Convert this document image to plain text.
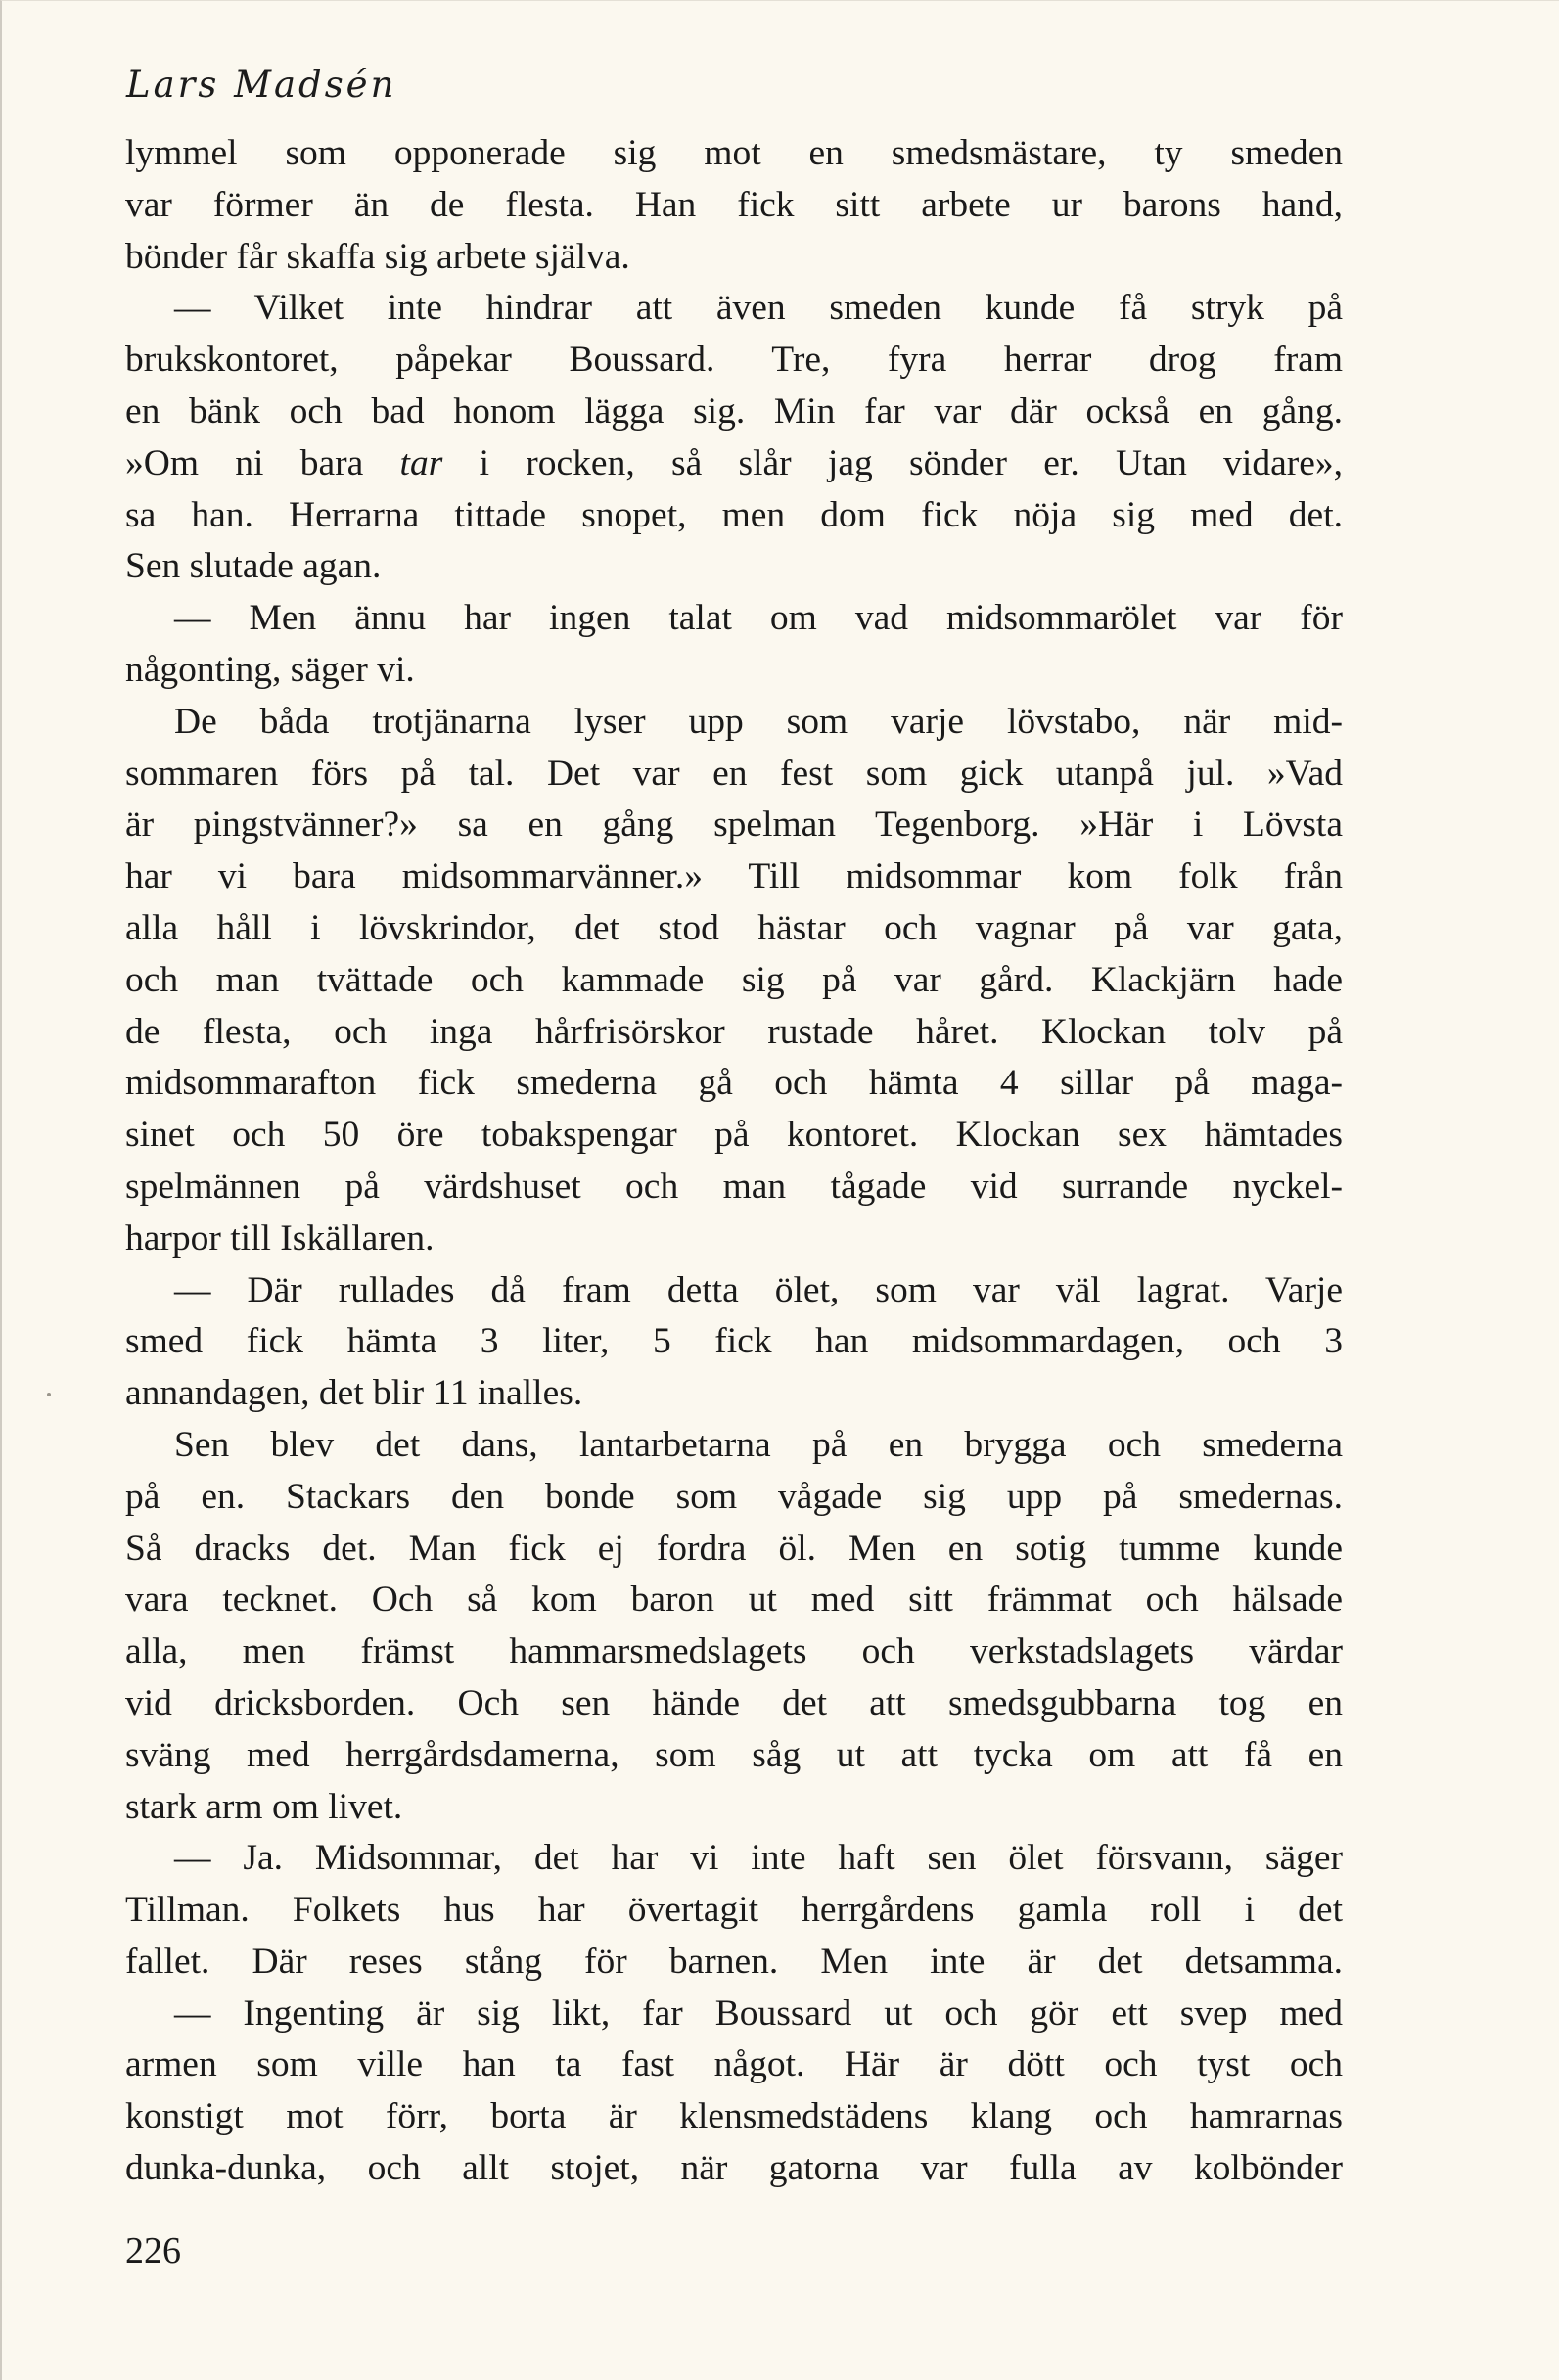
Lars Madsén
lymmel som opponerade sig mot en smedsmästare, ty smeden
var förmer än de flesta. Han fick sitt arbete ur barons hand,
bönder får skaffa sig arbete själva.
— Vilket inte hindrar att även smeden kunde få stryk på
brukskontoret, påpekar Boussard. Tre, fyra herrar drog fram
en bänk och bad honom lägga sig. Min far var där också en gång.
»Om ni bara tar i rocken, så slår jag sönder er. Utan vidare»,
sa han. Herrarna tittade snopet, men dom fick nöja sig med det.
Sen slutade agan.
— Men ännu har ingen talat om vad midsommarölet var för
någonting, säger vi.
De båda trotjänarna lyser upp som varje lövstabo, när mid-
sommaren förs på tal. Det var en fest som gick utanpå jul. »Vad
är pingstvänner?» sa en gång spelman Tegenborg. »Här i Lövsta
har vi bara midsommarvänner.» Till midsommar kom folk från
alla håll i lövskrindor, det stod hästar och vagnar på var gata,
och man tvättade och kammade sig på var gård. Klackjärn hade
de flesta, och inga hårfrisörskor rustade håret. Klockan tolv på
midsommarafton fick smederna gå och hämta 4 sillar på maga-
sinet och 50 öre tobakspengar på kontoret. Klockan sex hämtades
spelmännen på värdshuset och man tågade vid surrande nyckel-
harpor till Iskällaren.
— Där rullades då fram detta ölet, som var väl lagrat. Varje
smed fick hämta 3 liter, 5 fick han midsommardagen, och 3
annandagen, det blir 11 inalles.
Sen blev det dans, lantarbetarna på en brygga och smederna
på en. Stackars den bonde som vågade sig upp på smedernas.
Så dracks det. Man fick ej fordra öl. Men en sotig tumme kunde
vara tecknet. Och så kom baron ut med sitt främmat och hälsade
alla, men främst hammarsmedslagets och verkstadslagets värdar
vid dricksborden. Och sen hände det att smedsgubbarna tog en
sväng med herrgårdsdamerna, som såg ut att tycka om att få en
stark arm om livet.
— Ja. Midsommar, det har vi inte haft sen ölet försvann, säger
Tillman. Folkets hus har övertagit herrgårdens gamla roll i det
fallet. Där reses stång för barnen. Men inte är det detsamma.
— Ingenting är sig likt, far Boussard ut och gör ett svep med
armen som ville han ta fast något. Här är dött och tyst och
konstigt mot förr, borta är klensmedstädens klang och hamrarnas
dunka-dunka, och allt stojet, när gatorna var fulla av kolbönder
226
